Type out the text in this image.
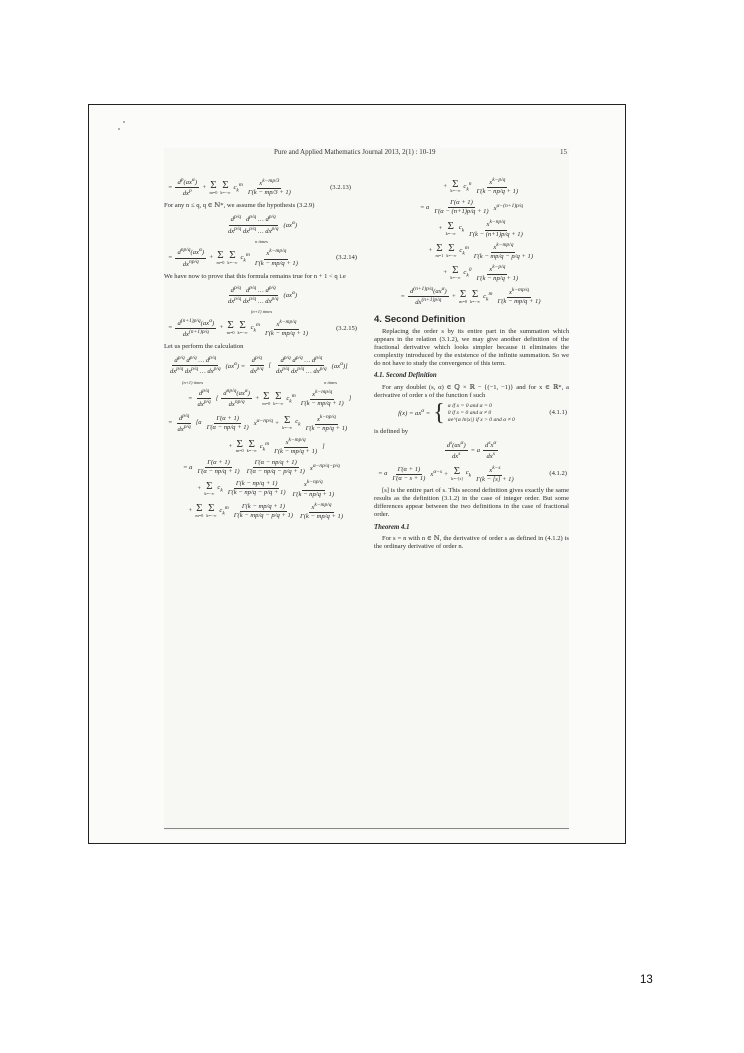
Pure and Applied Mathematics Journal 2013, 2(1) : 10-19	15
= $\frac{d^p(ax^\alpha)}{dx^p} + \Sigma$
m=0
Σ
k=−∞
$c_k^m \frac{x^{k-mp/3}}{\Gamma(k - mp/3 + 1)}$	(3.2.13)
For any n ≤ q, q ∈ ℕ*, we assume the hypothesis (3.2.9)
$\frac{d^{p/q} d^{p/q} \dots d^{p/q}}{dx^{p/q} dx^{p/q} \dots dx^{p/q}} (ax^\alpha)$
n times
= $\frac{d^{np/q}(ax^\alpha)}{dx^{np/q}} + \Sigma$
m=0
Σ
k=−∞
$c_k^m \frac{x^{k-mp/q}}{\Gamma(k - mp/q + 1)}$	(3.2.14)
We have now to prove that this formula remains true for n + 1 < q i.e
$\frac{d^{p/q} d^{p/q} \dots d^{p/q}}{dx^{p/q} dx^{p/q} \dots dx^{p/q}} (ax^\alpha)$
(n+1) times
= $\frac{d^{(n+1)p/q}(ax^\alpha)}{dx^{(n+1)p/q}} + \Sigma$
m=0
Σ
k=−∞
$c_k^m \frac{x^{k-mp/q}}{\Gamma(k - mp/q + 1)}$	(3.2.15)
Let us perform the calculation
$\frac{d^{p/q} d^{p/q} \dots d^{p/q}}{dx^{p/q} dx^{p/q} \dots dx^{p/q}} (ax^\alpha) = \frac{d^{p/q}}{dx^{p/q}}$ [ $\frac{d^{p/q} d^{p/q} \dots d^{p/q}}{dx^{p/q} dx^{p/q} \dots dx^{p/q}} (ax^\alpha)$]
(n+1) times	n times
= $\frac{d^{p/q}}{dx^{p/q}}$ [ $\frac{d^{np/q}(ax^\alpha)}{dx^{np/q}} + \Sigma$
m=0
Σ
k=−∞
$c_k^m \frac{x^{k-mp/q}}{\Gamma(k - mp/q + 1)}$ ]
= $\frac{d^{p/q}}{dx^{p/q}} [a \frac{\Gamma(\alpha + 1)}{\Gamma(\alpha - np/q + 1)} x^{\alpha-np/q} + \Sigma$
k=−∞
$c_k \frac{x^{k-np/q}}{\Gamma(k - np/q + 1)}$
+ Σ
m=0
Σ
k=−∞
$c_k^m \frac{x^{k-mp/q}}{\Gamma(k - mp/q + 1)}$ ]
= a $\frac{\Gamma(\alpha + 1)}{\Gamma(\alpha - np/q + 1)} \frac{\Gamma(\alpha - np/q + 1)}{\Gamma(\alpha - np/q - p/q + 1)} x^{\alpha-np/q-p/q}$
+ Σ
k=−∞
$c_k \frac{\Gamma(k - np/q + 1)}{\Gamma(k - np/q - p/q + 1)} \frac{x^{k-np/q}}{\Gamma(k - np/q + 1)}$
+ Σ
m=0
Σ
k=−∞
$c_k^m \frac{\Gamma(k - mp/q + 1)}{\Gamma(k - mp/q - p/q + 1)} \frac{x^{k-mp/q}}{\Gamma(k - mp/q + 1)}$
+ Σ
k=−∞
$c_k^n \frac{x^{k-p/q}}{\Gamma(k - np/q + 1)}$
= a $\frac{\Gamma(\alpha + 1)}{\Gamma(\alpha - (n+1)p/q + 1)} x^{\alpha-(n+1)p/q}$
+ Σ
k=−∞
$c_k \frac{x^{k-np/q}}{\Gamma(k - (n+1)p/q + 1)}$
+ Σ
m=1
Σ
k=−∞
$c_k^m \frac{x^{k-mp/q}}{\Gamma(k - mp/q - p/q + 1)}$
+ Σ
k=−∞
$c_k^0 \frac{x^{k-p/q}}{\Gamma(k - np/q + 1)}$
= $\frac{d^{(n+1)p/q}(ax^\alpha)}{dx^{(n+1)p/q}} + \Sigma$
m=0
Σ
k=−∞
$c_k^m \frac{x^{k-mp/q}}{\Gamma(k - mp/q + 1)}$
4. Second Definition
Replacing the order s by its entire part in the summation which appears in the relation (3.1.2), we may give another definition of the fractional derivative which looks simpler because it eliminates the complexity introduced by the existence of the infinite summation. So we do not have to study the convergence of this term.
4.1. Second Definition
For any doublet (s, α) ∈ ℚ × ℝ − {(−1, −1)} and for x ∈ ℝ*, a derivative of order s of the function f such
$f(x) = ax^\alpha$ = { α if x = 0 and α = 0
0 if x = 0 and α ≠ 0
αe^{α ln|x|} if x > 0 and α ≠ 0
(4.1.1)
is defined by
$\frac{d^s(ax^\alpha)}{dx^s} = a \frac{d^sx^\alpha}{dx^s}$
= a $\frac{\Gamma(\alpha + 1)}{\Gamma(\alpha - s + 1)} x^{\alpha-s} + \Sigma$
k=−[s]
$c_k \frac{x^{k-s}}{\Gamma(k - [s] + 1)}$	(4.1.2)
[s] is the entire part of s. This second definition gives exactly the same results as the definition (3.1.2) in the case of integer order. But some differences appear between the two definitions in the case of fractional order.
Theorem 4.1
For s = n with n ∈ ℕ, the derivative of order s as defined in (4.1.2) is the ordinary derivative of order n.
13
